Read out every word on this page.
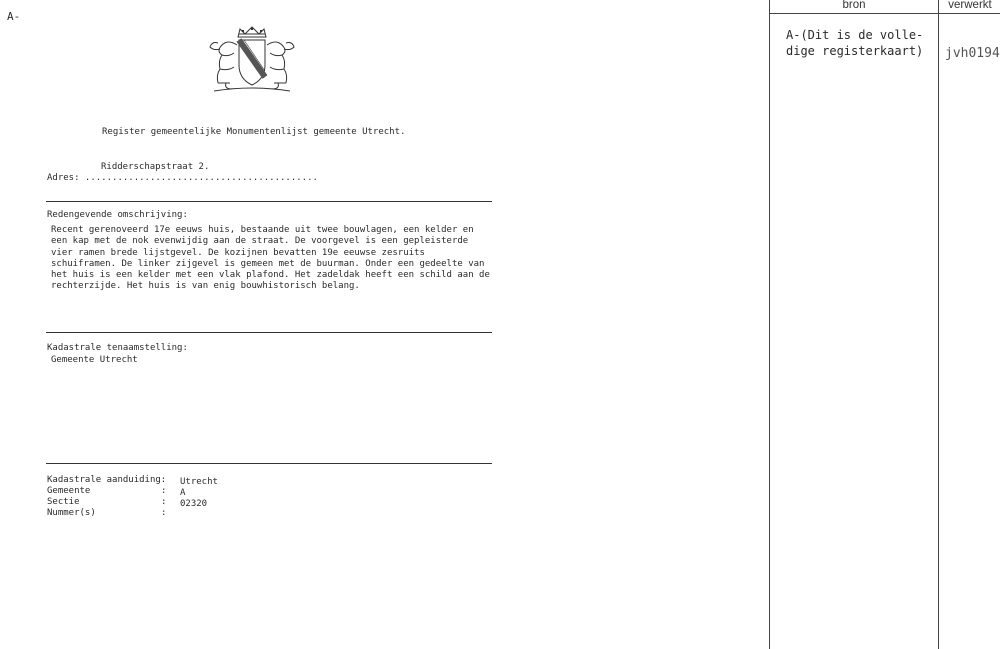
A-
Register gemeentelijke Monumentenlijst gemeente Utrecht.
Ridderschapstraat 2.
Adres: ...........................................
Redengevende omschrijving:
Recent gerenoveerd 17e eeuws huis, bestaande uit twee bouwlagen, een kelder en
een kap met de nok evenwijdig aan de straat. De voorgevel is een gepleisterde
vier ramen brede lijstgevel. De kozijnen bevatten 19e eeuwse zesruits
schuiframen. De linker zijgevel is gemeen met de buurman. Onder een gedeelte van
het huis is een kelder met een vlak plafond. Het zadeldak heeft een schild aan de
rechterzijde. Het huis is van enig bouwhistorisch belang.
Kadastrale tenaamstelling:
Gemeente Utrecht
Kadastrale aanduiding: Utrecht
Gemeente	: A
Sectie	: 02320
Nummer(s)	:
bron	verwerkt
A-(Dit is de volle-
dige registerkaart) jvh0194
